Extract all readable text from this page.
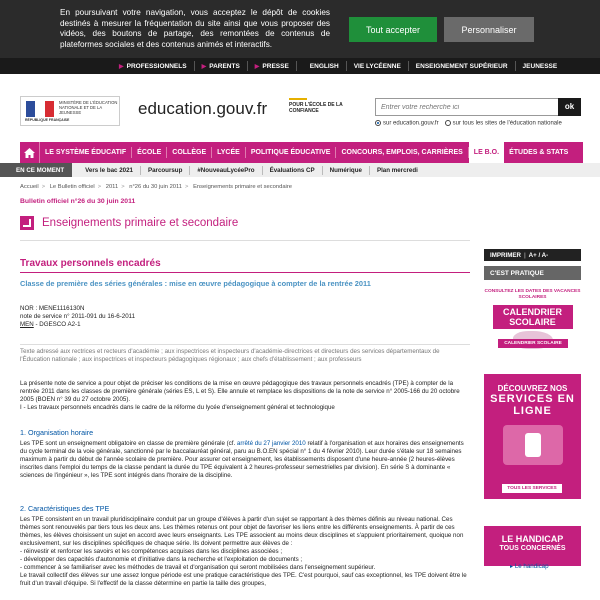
En poursuivant votre navigation, vous acceptez le dépôt de cookies destinés à mesurer la fréquentation du site ainsi que vous proposer des vidéos, des boutons de partage, des remontées de contenus de plateformes sociales et des contenus animés et interactifs.
Tout accepter	Personnaliser
▶ PROFESSIONNELS	▶ PARENTS	▶ PRESSE	ENGLISH	VIE LYCÉENNE	ENSEIGNEMENT SUPÉRIEUR	JEUNESSE
RÉPUBLIQUE FRANÇAISE
MINISTÈRE DE L'ÉDUCATION NATIONALE ET DE LA JEUNESSE	education.gouv.fr	POUR L'ÉCOLE DE LA CONFIANCE
Entrer votre recherche ici	ok
sur education.gouv.fr	sur tous les sites de l'éducation nationale
LE SYSTÈME ÉDUCATIF	ÉCOLE	COLLÈGE	LYCÉE	POLITIQUE ÉDUCATIVE	CONCOURS, EMPLOIS, CARRIÈRES	LE B.O.	ÉTUDES & STATS
EN CE MOMENT	Vers le bac 2021	Parcoursup	#NouveauLycéePro	Évaluations CP	Numérique	Plan mercredi
Accueil > Le Bulletin officiel > 2011 > n°26 du 30 juin 2011 > Enseignements primaire et secondaire
Bulletin officiel n°26 du 30 juin 2011
Enseignements primaire et secondaire
Travaux personnels encadrés
Classe de première des séries générales : mise en œuvre pédagogique à compter de la rentrée 2011
NOR : MENE1116130N
note de service n° 2011-091 du 16-6-2011
MEN - DGESCO A2-1
Texte adressé aux rectrices et recteurs d'académie ; aux inspectrices et inspecteurs d'académie-directrices et directeurs des services départementaux de l'Éducation nationale ; aux inspectrices et inspecteurs pédagogiques régionaux ; aux chefs d'établissement ; aux professeurs
La présente note de service a pour objet de préciser les conditions de la mise en œuvre pédagogique des travaux personnels encadrés (TPE) à compter de la rentrée 2011 dans les classes de première générale (séries ES, L et S). Elle annule et remplace les dispositions de la note de service n° 2005-166 du 20 octobre 2005 (BOEN n° 39 du 27 octobre 2005).
I - Les travaux personnels encadrés dans le cadre de la réforme du lycée d'enseignement général et technologique
1. Organisation horaire
Les TPE sont un enseignement obligatoire en classe de première générale (cf. arrêté du 27 janvier 2010 relatif à l'organisation et aux horaires des enseignements du cycle terminal de la voie générale, sanctionné par le baccalauréat général, paru au B.O.EN spécial n° 1 du 4 février 2010). Leur durée s'étale sur 18 semaines maximum à partir du début de l'année scolaire de première. Pour assurer cet enseignement, les établissements disposent d'une heure-année (2 heures-élèves inscrites dans l'emploi du temps de la classe pendant la durée du TPE équivalent à 2 heures-professeur semestrielles par division). En série S à dominante « sciences de l'ingénieur », les TPE sont intégrés dans l'horaire de la discipline.
2. Caractéristiques des TPE
Les TPE consistent en un travail pluridisciplinaire conduit par un groupe d'élèves à partir d'un sujet se rapportant à des thèmes définis au niveau national. Ces thèmes sont renouvelés par tiers tous les deux ans. Les thèmes retenus ont pour objet de favoriser les liens entre les différents enseignements. À partir de ces thèmes, les élèves choisissent un sujet en accord avec leurs enseignants. Les TPE associent au moins deux disciplines et s'appuient prioritairement, quoique non exclusivement, sur les disciplines spécifiques de chaque série. Ils doivent permettre aux élèves de :
- réinvestir et renforcer les savoirs et les compétences acquises dans les disciplines associées ;
- développer des capacités d'autonomie et d'initiative dans la recherche et l'exploitation de documents ;
- commencer à se familiariser avec les méthodes de travail et d'organisation qui seront mobilisées dans l'enseignement supérieur.
Le travail collectif des élèves sur une assez longue période est une pratique caractéristique des TPE. C'est pourquoi, sauf cas exceptionnel, les TPE doivent être le fruit d'un travail d'équipe. Si l'effectif de la classe détermine en partie la taille des groupes,
IMPRIMER | A+ / A-
C'EST PRATIQUE
CONSULTEZ LES DATES DES VACANCES SCOLAIRES
CALENDRIER SCOLAIRE
CALENDRIER SCOLAIRE
DÉCOUVREZ NOS
SERVICES EN LIGNE
TOUS LES SERVICES
LE HANDICAP
TOUS CONCERNÉS
▸ Le handicap
